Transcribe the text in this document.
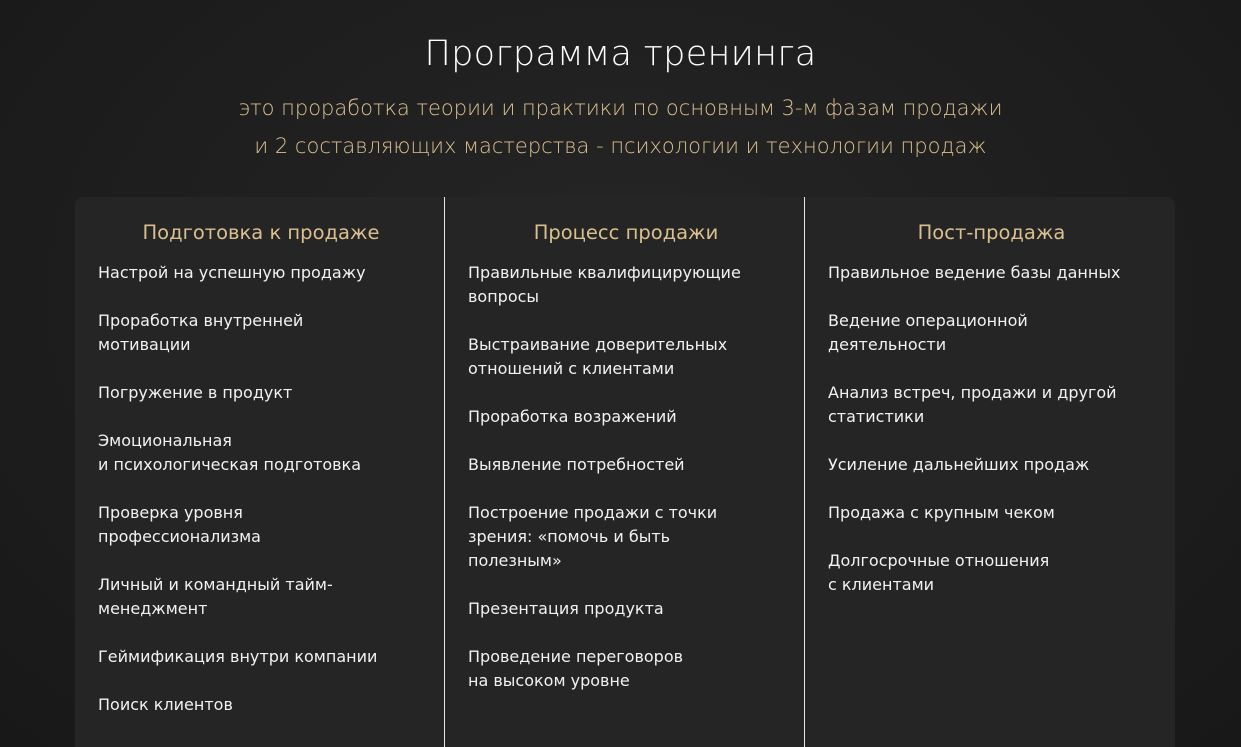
Программа тренинга
это проработка теории и практики по основным 3-м фазам продажи
и 2 составляющих мастерства - психологии и технологии продаж
Подготовка к продаже
Настрой на успешную продажу
Проработка внутренней
мотивации
Погружение в продукт
Эмоциональная
и психологическая подготовка
Проверка уровня
профессионализма
Личный и командный тайм-
менеджмент
Геймификация внутри компании
Поиск клиентов
Процесс продажи
Правильные квалифицирующие
вопросы
Выстраивание доверительных
отношений с клиентами
Проработка возражений
Выявление потребностей
Построение продажи с точки
зрения: «помочь и быть
полезным»
Презентация продукта
Проведение переговоров
на высоком уровне
Пост-продажа
Правильное ведение базы данных
Ведение операционной
деятельности
Анализ встреч, продажи и другой
статистики
Усиление дальнейших продаж
Продажа с крупным чеком
Долгосрочные отношения
с клиентами
